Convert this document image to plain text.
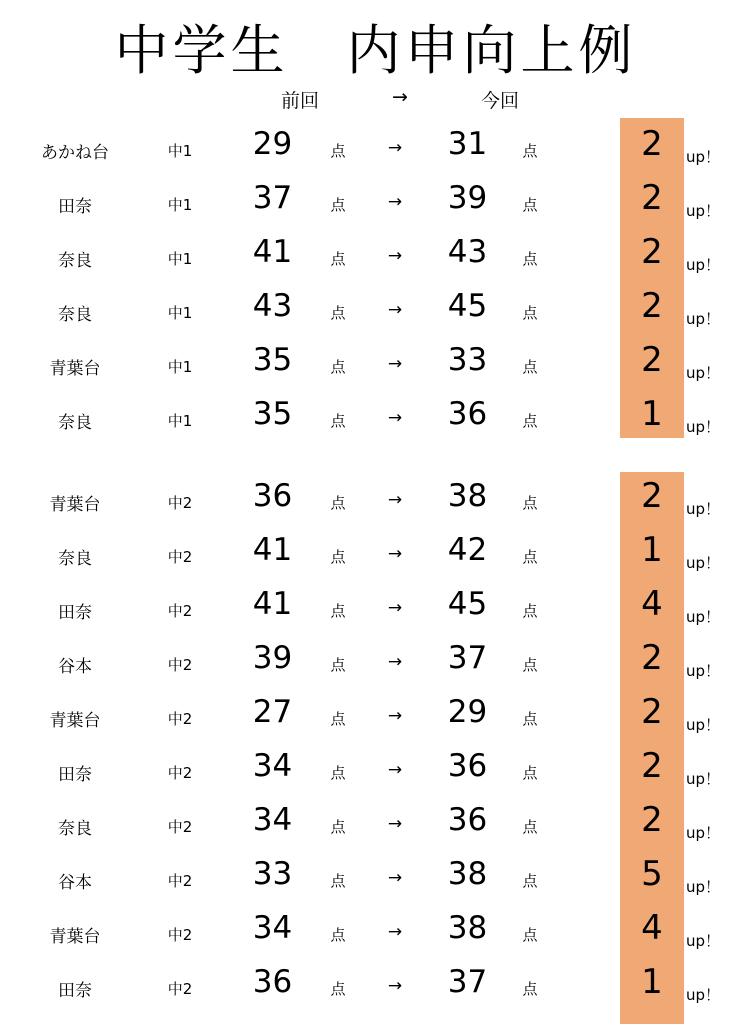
中学生　内申向上例
前回	→	今回
あかね台	中1	29	点	→	31	点	2	up！
田奈	中1	37	点	→	39	点	2	up！
奈良	中1	41	点	→	43	点	2	up！
奈良	中1	43	点	→	45	点	2	up！
青葉台	中1	35	点	→	33	点	2	up！
奈良	中1	35	点	→	36	点	1	up！
青葉台	中2	36	点	→	38	点	2	up！
奈良	中2	41	点	→	42	点	1	up！
田奈	中2	41	点	→	45	点	4	up！
谷本	中2	39	点	→	37	点	2	up！
青葉台	中2	27	点	→	29	点	2	up！
田奈	中2	34	点	→	36	点	2	up！
奈良	中2	34	点	→	36	点	2	up！
谷本	中2	33	点	→	38	点	5	up！
青葉台	中2	34	点	→	38	点	4	up！
田奈	中2	36	点	→	37	点	1	up！
